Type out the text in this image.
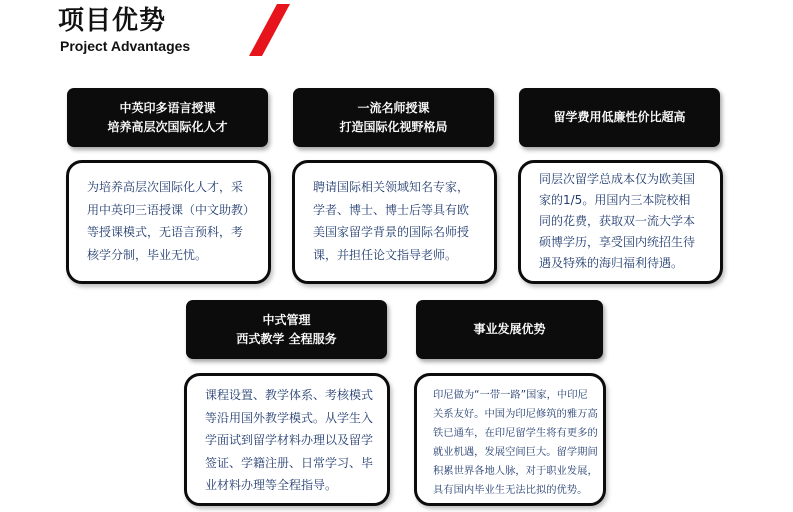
项目优势
Project Advantages
中英印多语言授课
培养高层次国际化人才
为培养高层次国际化人才，采
用中英印三语授课（中文助教）
等授课模式，无语言预科，考
核学分制，毕业无忧。
一流名师授课
打造国际化视野格局
聘请国际相关领域知名专家，
学者、博士、博士后等具有欧
美国家留学背景的国际名师授
课，并担任论文指导老师。
留学费用低廉性价比超高
同层次留学总成本仅为欧美国
家的1/5。用国内三本院校相
同的花费，获取双一流大学本
硕博学历，享受国内统招生待
遇及特殊的海归福利待遇。
中式管理
西式教学 全程服务
课程设置、教学体系、考核模式
等沿用国外教学模式。从学生入
学面试到留学材料办理以及留学
签证、学籍注册、日常学习、毕
业材料办理等全程指导。
事业发展优势
印尼做为“一带一路”国家，中印尼
关系友好。中国为印尼修筑的雅万高
铁已通车，在印尼留学生将有更多的
就业机遇，发展空间巨大。留学期间
积累世界各地人脉，对于职业发展，
具有国内毕业生无法比拟的优势。
